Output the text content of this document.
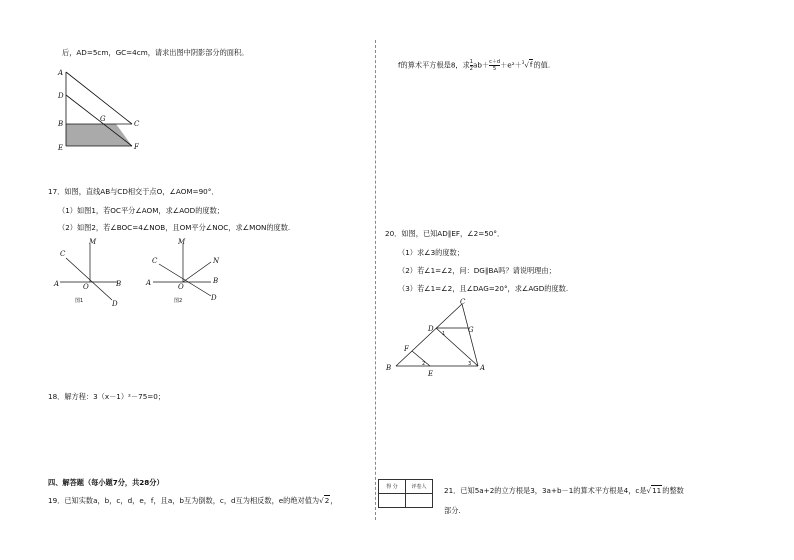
后，AD=5cm，GC=4cm，请求出图中阴影部分的面积。
A
D
B
E
G
C
F
17．如图，直线AB与CD相交于点O，∠AOM=90°．
（1）如图1，若OC平分∠AOM，求∠AOD的度数；
（2）如图2，若∠BOC=4∠NOB，且OM平分∠NOC，求∠MON的度数.
M
C
A	O	B
D
图1
M
C	N
A	O
B
D
图2
18．解方程：3（x－1）²－75=0；
四、解答题（每小题7分，共28分）
19．已知实数a，b，c，d，e，f，且a，b互为倒数，c，d互为相反数，e的绝对值为√2，
f的算术平方根是8，求 $\frac{1}{2}ab+ \frac{c+d}{5}+e^2+^3√f$的值.
20．如图，已知AD∥EF，∠2=50°．
（1）求∠3的度数；
（2）若∠1=∠2，问：DG∥BA吗？请说明理由；
（3）若∠1=∠2，且∠DAG=20°，求∠AGD的度数.
C
D	G
F
B
E
A
1
2	3
得 分	评卷人
	21．已知5a+2的立方根是3，3a+b－1的算术平方根是4，c是√11的整数
部分.
